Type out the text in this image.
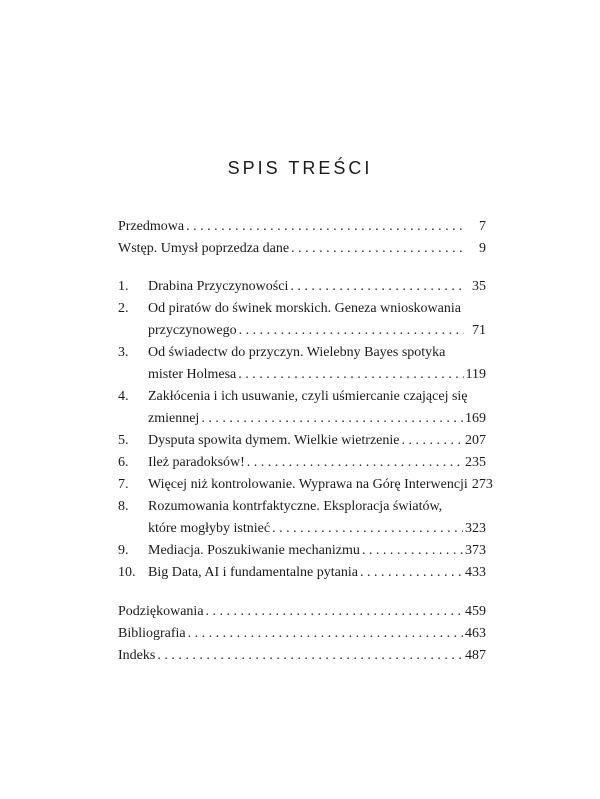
SPIS TREŚCI
Przedmowa . . .	7
Wstęp. Umysł poprzedza dane . . .	9
1.	Drabina Przyczynowości . . .	35
2.	Od piratów do świnek morskich. Geneza wnioskowania
przyczynowego . . .	71
3.	Od świadectw do przyczyn. Wielebny Bayes spotyka
mister Holmesa . . .	119
4.	Zakłócenia i ich usuwanie, czyli uśmiercanie czającej się
zmiennej . . .	169
5.	Dysputa spowita dymem. Wielkie wietrzenie . . .	207
6.	Ileż paradoksów! . . .	235
7.	Więcej niż kontrolowanie. Wyprawa na Górę Interwencji 273
8.	Rozumowania kontrfaktyczne. Eksploracja światów,
które mogłyby istnieć . . .	323
9.	Mediacja. Poszukiwanie mechanizmu . . .	373
10. Big Data, AI i fundamentalne pytania . . .	433
Podziękowania . . .	459
Bibliografia . . .	463
Indeks . . .	487
